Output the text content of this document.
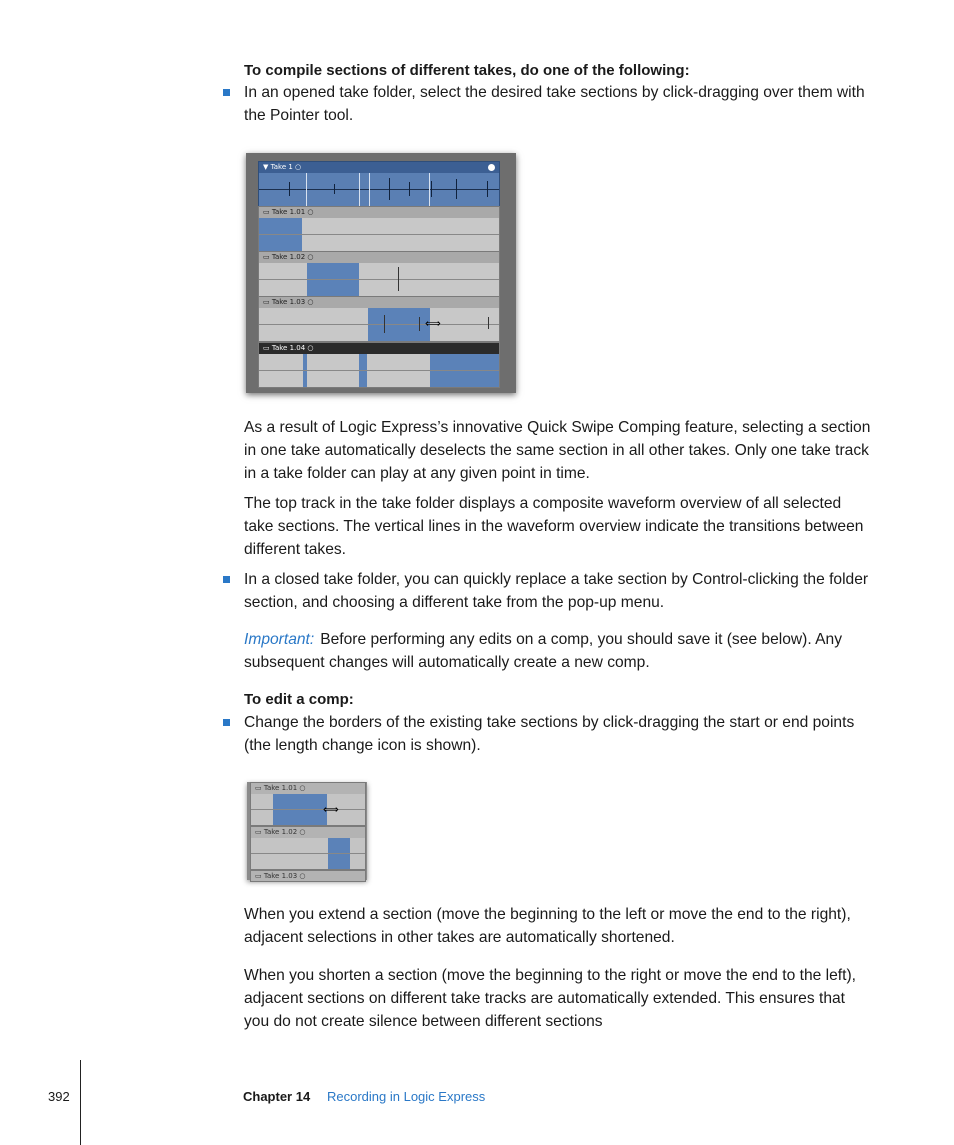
To compile sections of different takes, do one of the following:
In an opened take folder, select the desired take sections by click-dragging over them with the Pointer tool.
▼ Take 1 ○
▭ Take 1.01 ○
▭ Take 1.02 ○
▭ Take 1.03 ○
⟺
▭ Take 1.04 ○
As a result of Logic Express’s innovative Quick Swipe Comping feature, selecting a section in one take automatically deselects the same section in all other takes. Only one take track in a take folder can play at any given point in time.
The top track in the take folder displays a composite waveform overview of all selected take sections. The vertical lines in the waveform overview indicate the transitions between different takes.
In a closed take folder, you can quickly replace a take section by Control-clicking the folder section, and choosing a different take from the pop-up menu.
Important: Before performing any edits on a comp, you should save it (see below). Any subsequent changes will automatically create a new comp.
To edit a comp:
Change the borders of the existing take sections by click-dragging the start or end points (the length change icon is shown).
▭ Take 1.01 ○
⟺
▭ Take 1.02 ○
▭ Take 1.03 ○
When you extend a section (move the beginning to the left or move the end to the right), adjacent selections in other takes are automatically shortened.
When you shorten a section (move the beginning to the right or move the end to the left), adjacent sections on different take tracks are automatically extended. This ensures that you do not create silence between different sections
392	Chapter 14 Recording in Logic Express
